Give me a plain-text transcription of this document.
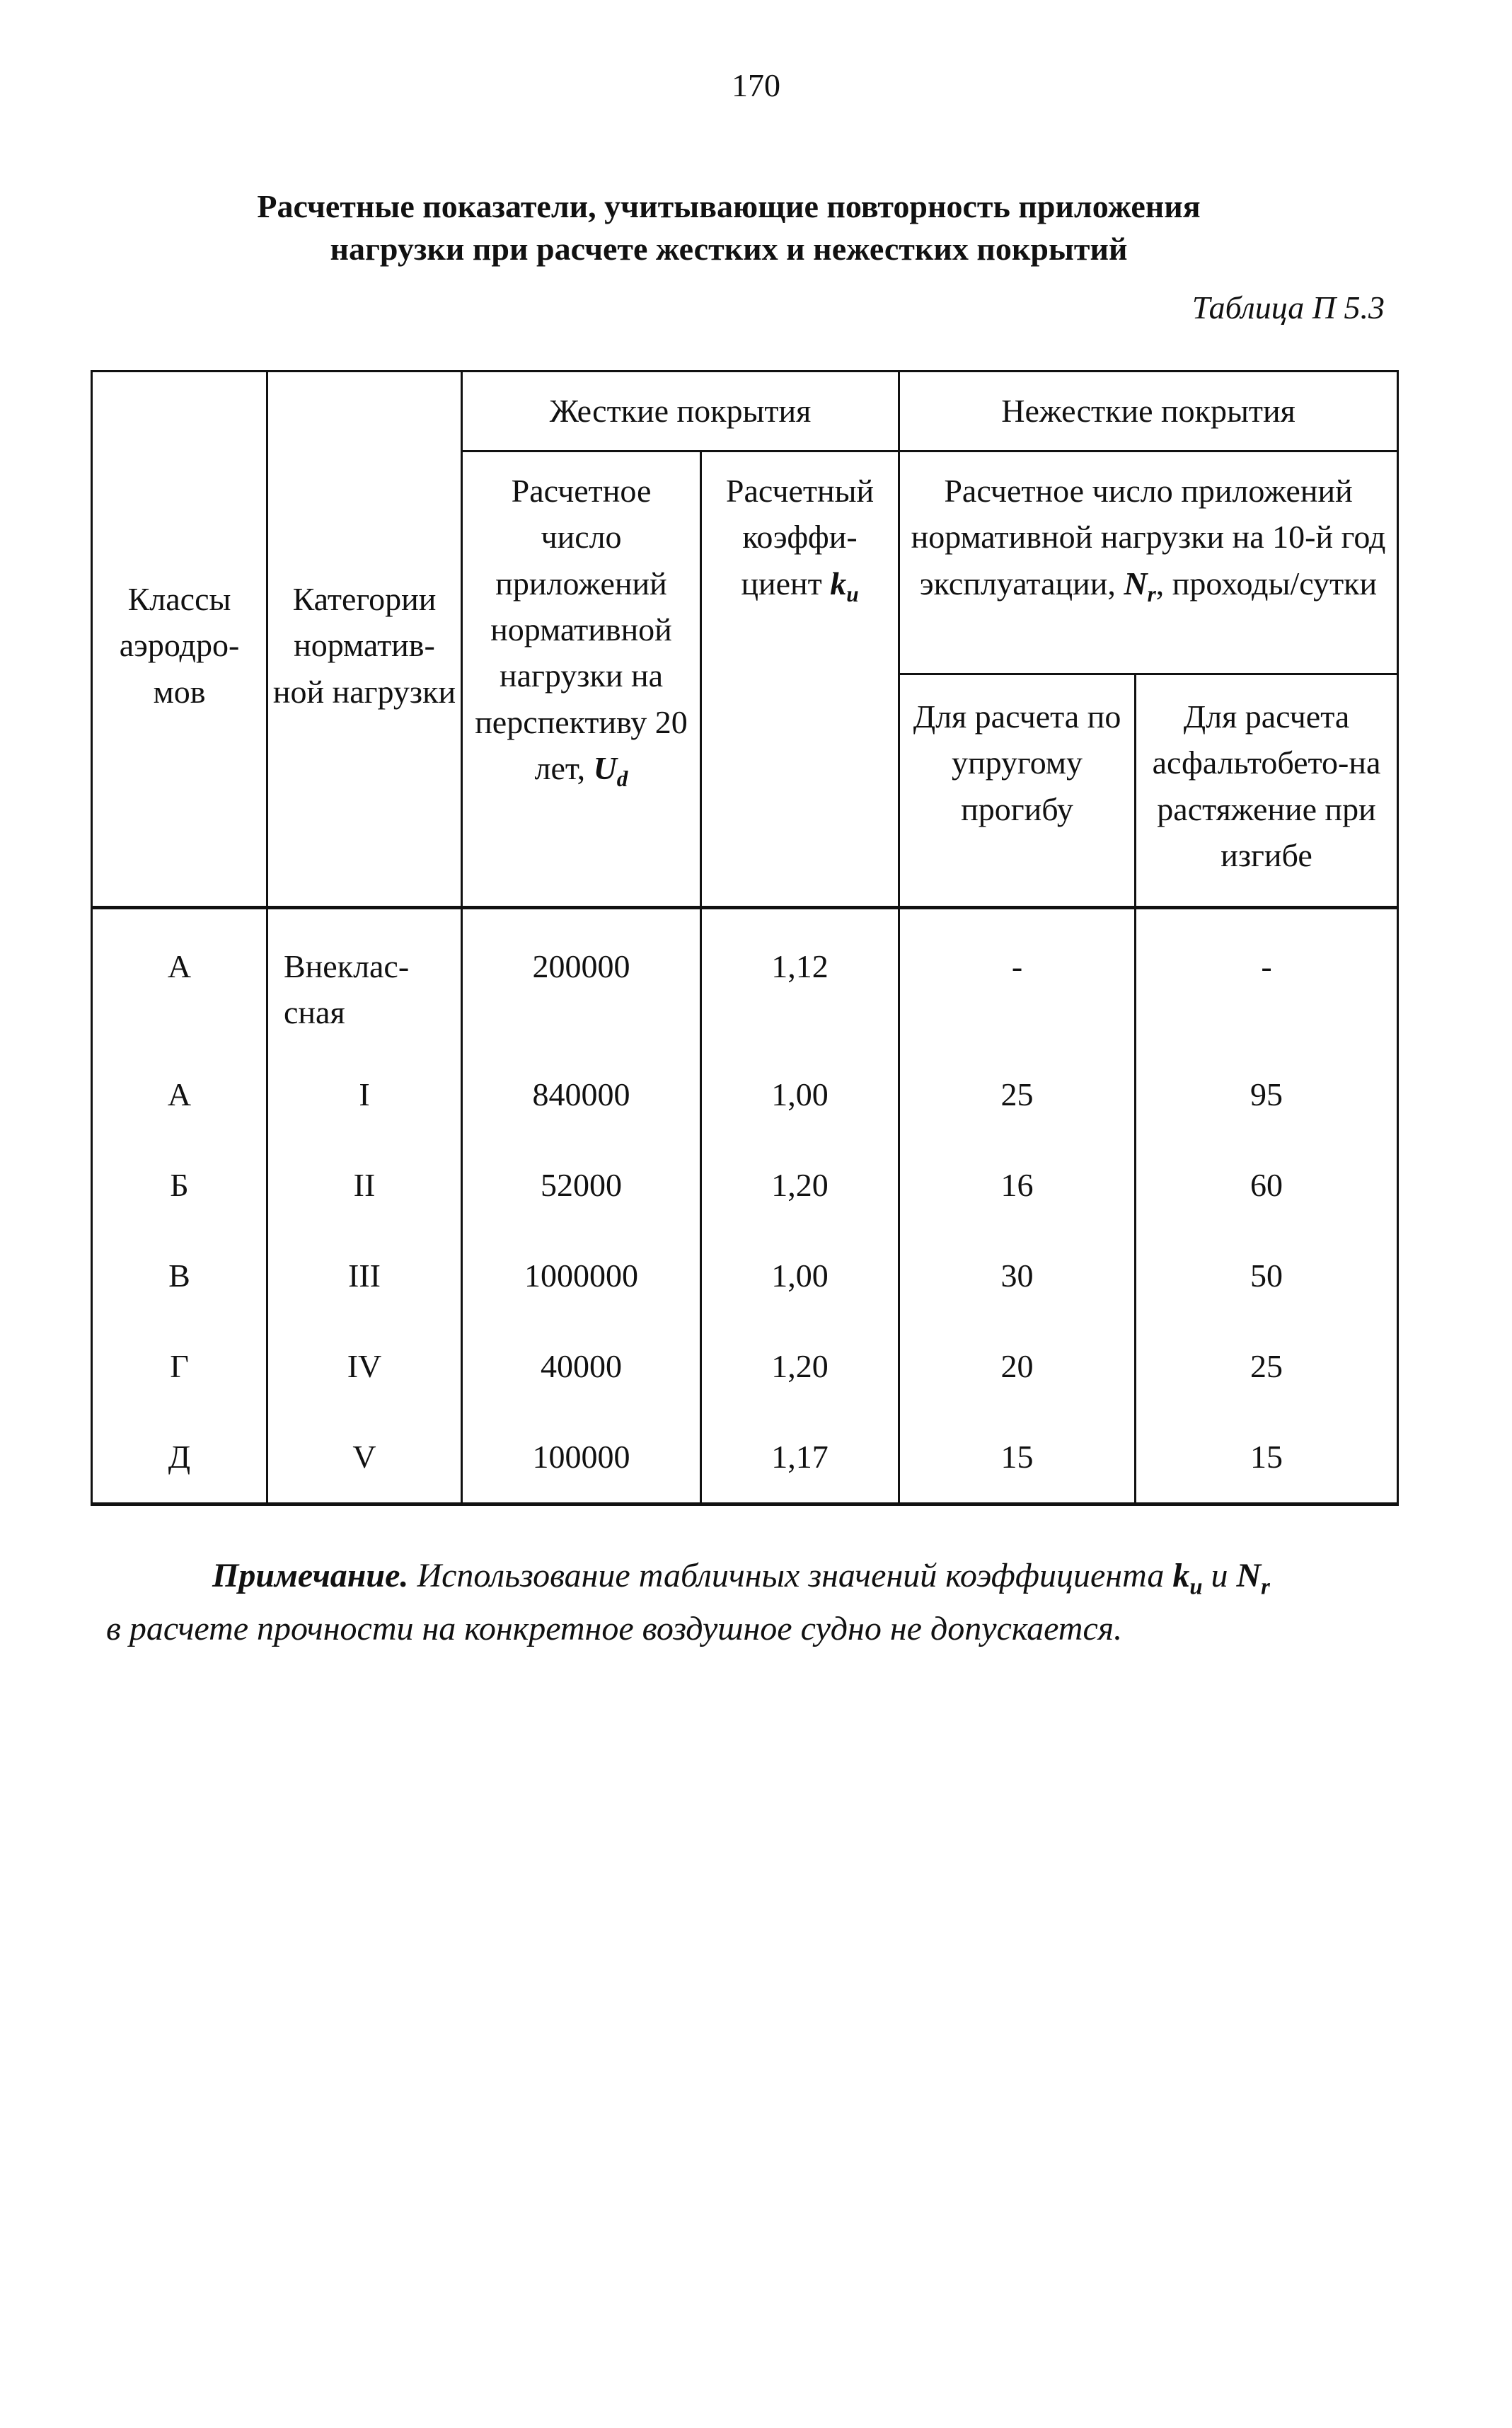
170
Расчетные показатели, учитывающие повторность приложения
нагрузки при расчете жестких и нежестких покрытий
Таблица П 5.3
Классы аэродро-мов	Категории норматив-ной нагрузки	Жесткие покрытия		Нежесткие покрытия	
		Расчетное число приложений нормативной нагрузки на перспективу 20 лет, $U_d$	Расчетный коэффи-циент $k_u$	Расчетное число приложений нормативной нагрузки на 10-й год эксплуатации, $N_r$, проходы/сутки	
				Для расчета по упругому прогибу	Для расчета асфальтобето-на растяжение при изгибе
А	Внеклас-сная	200000	1,12	-	-
А	I	840000	1,00	25	95
Б	II	52000	1,20	16	60
В	III	1000000	1,00	30	50
Г	IV	40000	1,20	20	25
Д	V	100000	1,17	15	15
Примечание. Использование табличных значений коэффициента $k_u$ и $N_r$
в расчете прочности на конкретное воздушное судно не допускается.
